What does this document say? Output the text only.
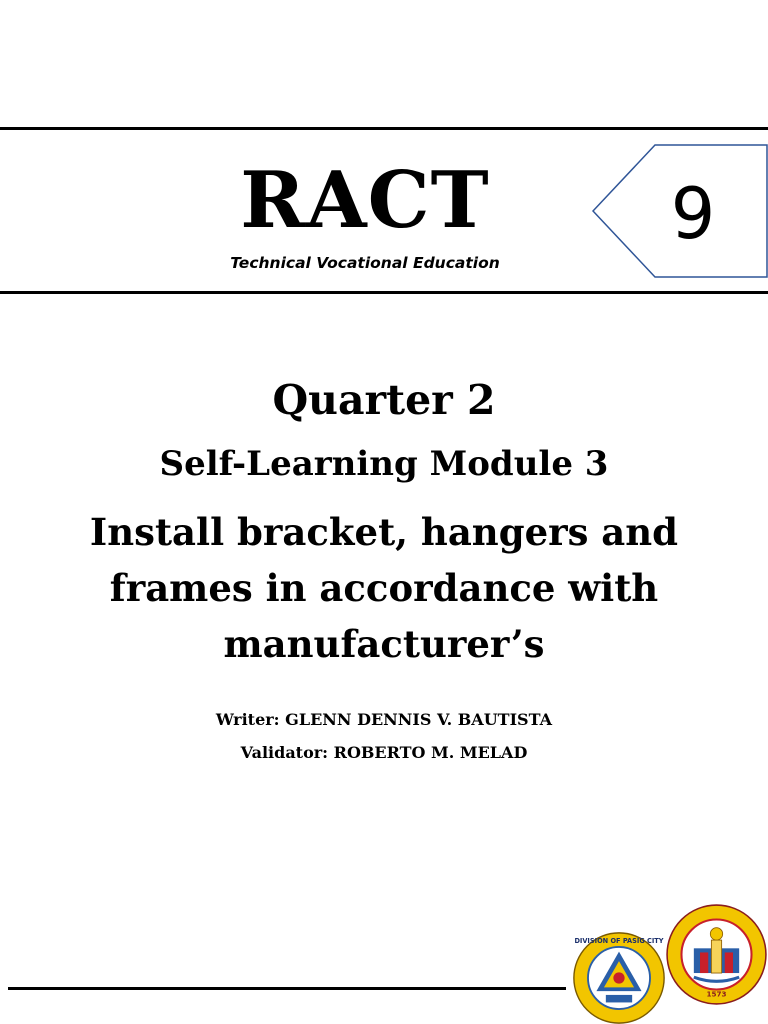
RACT
Technical Vocational Education
9
Quarter 2
Self-Learning Module 3
Install bracket, hangers and
frames in accordance with
manufacturer’s
Writer: GLENN DENNIS V. BAUTISTA
Validator: ROBERTO M. MELAD
DIVISION OF PASIG CITY
1573
